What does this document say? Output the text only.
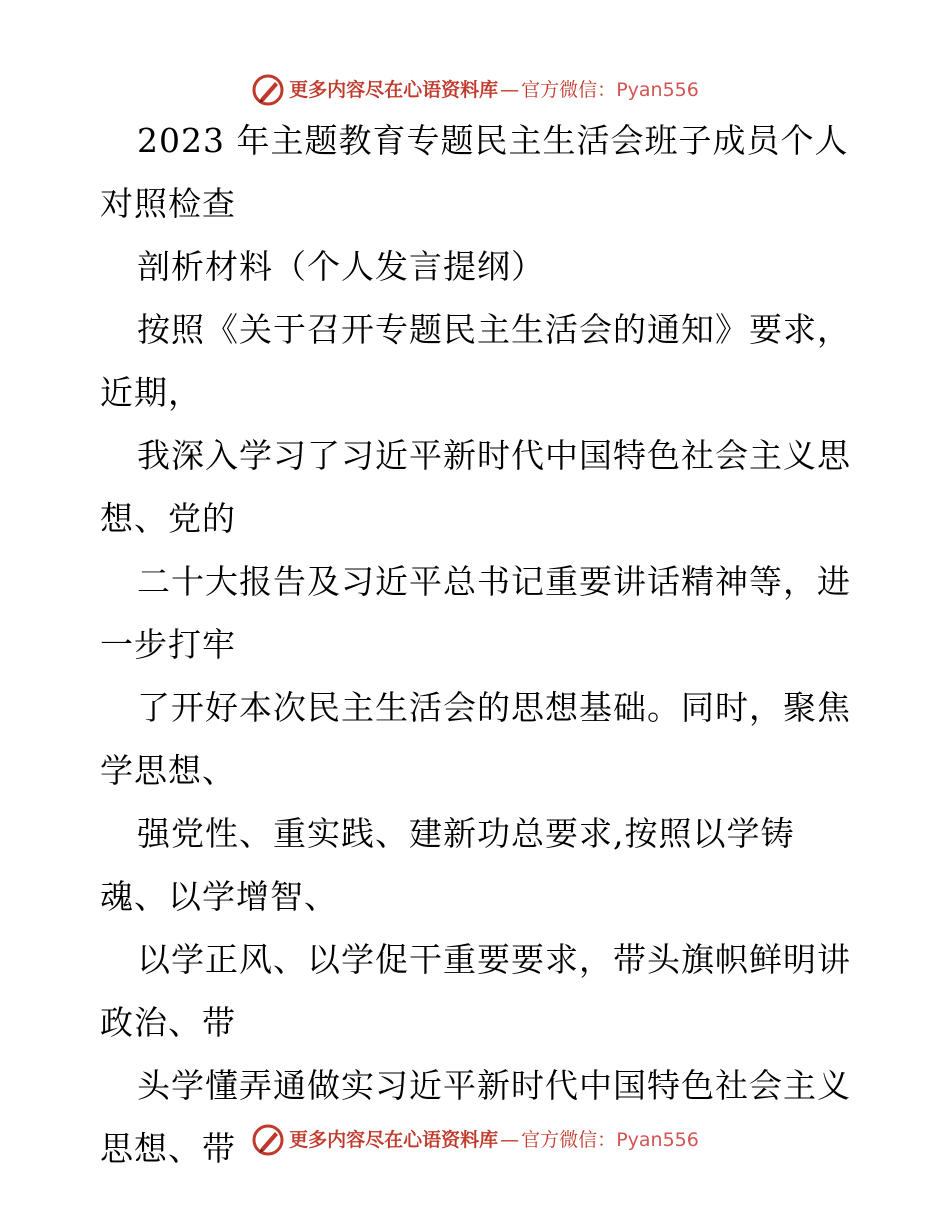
更多内容尽在心语资料库 — 官方微信： Pyan556
2023 年主题教育专题民主生活会班子成员个人
对照检查
剖析材料（个人发言提纲）
按照《关于召开专题民主生活会的通知》要求，
近期，
我深入学习了习近平新时代中国特色社会主义思
想、党的
二十大报告及习近平总书记重要讲话精神等，进
一步打牢
了开好本次民主生活会的思想基础。同时，聚焦
学思想、
强党性、重实践、建新功总要求,按照以学铸
魂、以学增智、
以学正风、以学促干重要要求，带头旗帜鲜明讲
政治、带
头学懂弄通做实习近平新时代中国特色社会主义
思想、带	更多内容尽在心语资料库 — 官方微信： Pyan556
